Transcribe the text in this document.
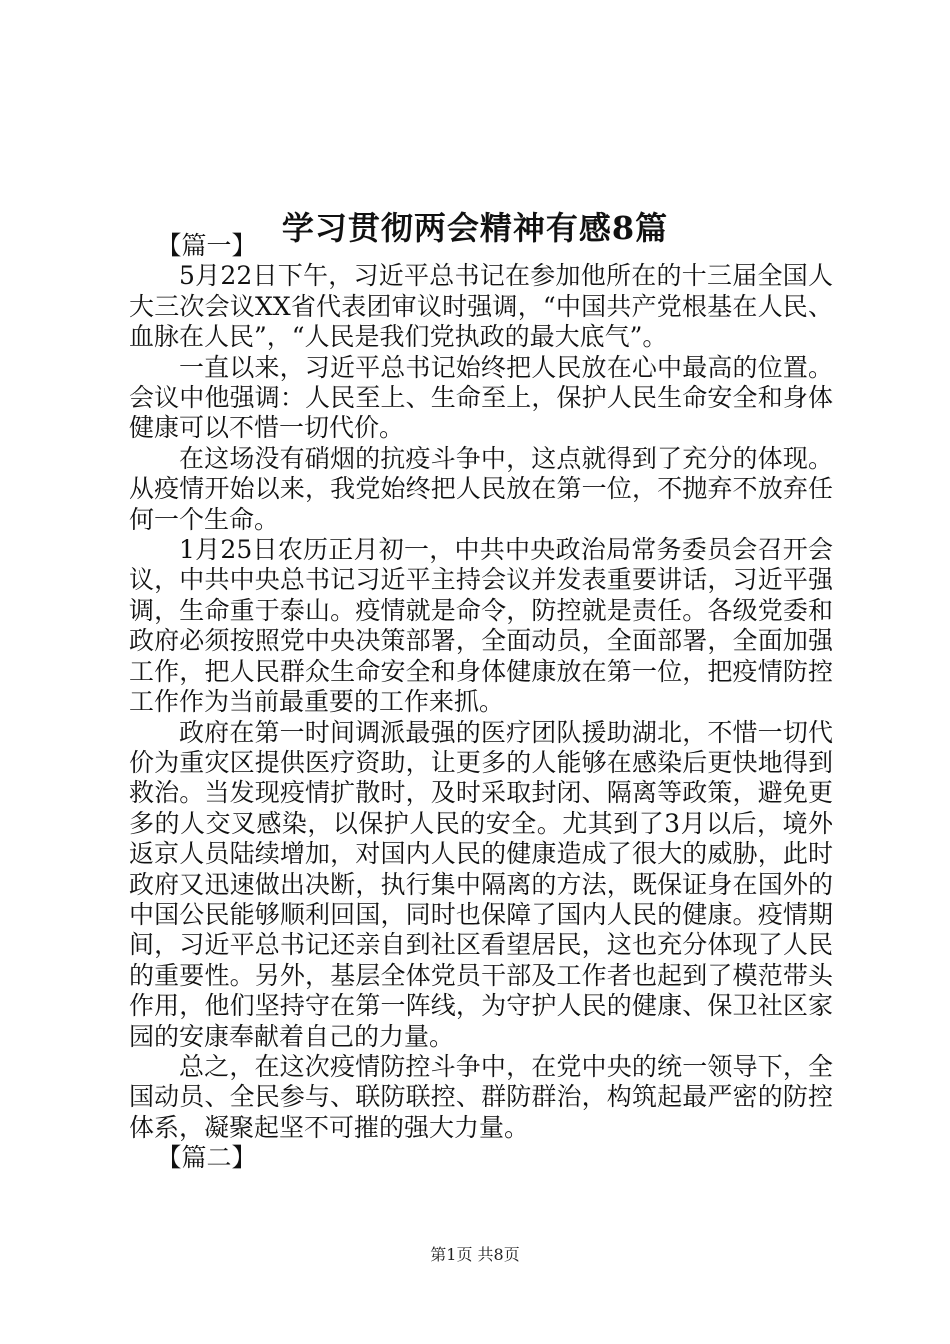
学习贯彻两会精神有感8篇

【篇一】

5月22日下午，习近平总书记在参加他所在的十三届全国人大三次会议XX省代表团审议时强调，“中国共产党根基在人民、血脉在人民”，“人民是我们党执政的最大底气”。

一直以来，习近平总书记始终把人民放在心中最高的位置。会议中他强调：人民至上、生命至上，保护人民生命安全和身体健康可以不惜一切代价。

在这场没有硝烟的抗疫斗争中，这点就得到了充分的体现。从疫情开始以来，我党始终把人民放在第一位，不抛弃不放弃任何一个生命。

1月25日农历正月初一，中共中央政治局常务委员会召开会议，中共中央总书记习近平主持会议并发表重要讲话，习近平强调，生命重于泰山。疫情就是命令，防控就是责任。各级党委和政府必须按照党中央决策部署，全面动员，全面部署，全面加强工作，把人民群众生命安全和身体健康放在第一位，把疫情防控工作作为当前最重要的工作来抓。

政府在第一时间调派最强的医疗团队援助湖北，不惜一切代价为重灾区提供医疗资助，让更多的人能够在感染后更快地得到救治。当发现疫情扩散时，及时采取封闭、隔离等政策，避免更多的人交叉感染，以保护人民的安全。尤其到了3月以后，境外返京人员陆续增加，对国内人民的健康造成了很大的威胁，此时政府又迅速做出决断，执行集中隔离的方法，既保证身在国外的中国公民能够顺利回国，同时也保障了国内人民的健康。疫情期间，习近平总书记还亲自到社区看望居民，这也充分体现了人民的重要性。另外，基层全体党员干部及工作者也起到了模范带头作用，他们坚持守在第一阵线，为守护人民的健康、保卫社区家园的安康奉献着自己的力量。

总之，在这次疫情防控斗争中，在党中央的统一领导下，全国动员、全民参与、联防联控、群防群治，构筑起最严密的防控体系，凝聚起坚不可摧的强大力量。

【篇二】

第1页 共8页
